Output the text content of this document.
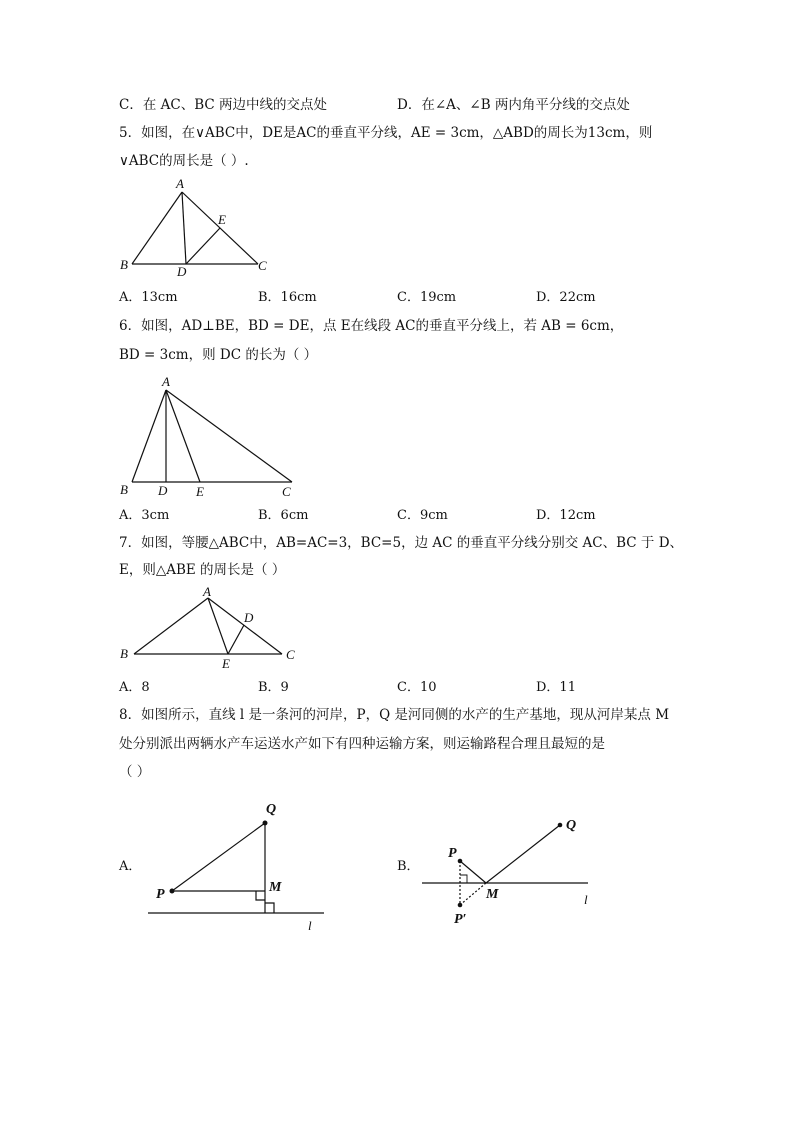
C．在 AC、BC 两边中线的交点处	D．在∠A、∠B 两内角平分线的交点处
5．如图，在∨ABC中，DE是AC的垂直平分线，AE = 3cm，△ABD的周长为13cm，则
∨ABC的周长是（ ）.
A
B	C
D
E
A．13cm	B．16cm	C．19cm	D．22cm
6．如图，AD⊥BE，BD = DE，点 E在线段 AC的垂直平分线上，若 AB = 6cm，
BD = 3cm，则 DC 的长为（ ）
A
B D E	C
A．3cm	B．6cm	C．9cm	D．12cm
7．如图，等腰△ABC中，AB=AC=3，BC=5，边 AC 的垂直平分线分别交 AC、BC 于 D、
E，则△ABE 的周长是（ ）
A
B	C
D
E
A．8	B．9	C．10	D．11
8．如图所示，直线 l 是一条河的河岸，P，Q 是河同侧的水产的生产基地，现从河岸某点 M
处分别派出两辆水产车运送水产如下有四种运输方案，则运输路程合理且最短的是
（ ）
A．
P
Q
M
l
B．
P
Q
M
P′
l
